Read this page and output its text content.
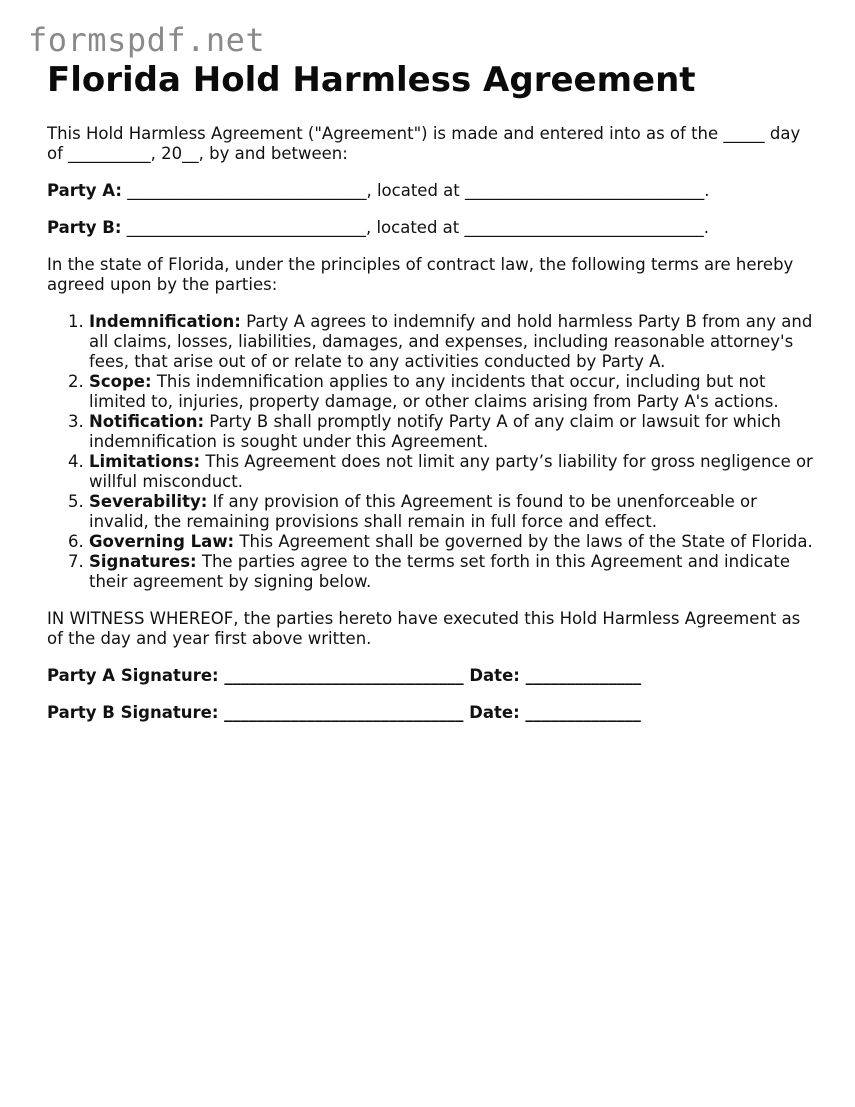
formspdf.net
Florida Hold Harmless Agreement

This Hold Harmless Agreement ("Agreement") is made and entered into as of the _____ day of __________, 20__, by and between:

Party A: _____________________________, located at _____________________________.

Party B: _____________________________, located at _____________________________.

In the state of Florida, under the principles of contract law, the following terms are hereby agreed upon by the parties:

1. Indemnification: Party A agrees to indemnify and hold harmless Party B from any and all claims, losses, liabilities, damages, and expenses, including reasonable attorney's fees, that arise out of or relate to any activities conducted by Party A.
2. Scope: This indemnification applies to any incidents that occur, including but not limited to, injuries, property damage, or other claims arising from Party A's actions.
3. Notification: Party B shall promptly notify Party A of any claim or lawsuit for which indemnification is sought under this Agreement.
4. Limitations: This Agreement does not limit any party’s liability for gross negligence or willful misconduct.
5. Severability: If any provision of this Agreement is found to be unenforceable or invalid, the remaining provisions shall remain in full force and effect.
6. Governing Law: This Agreement shall be governed by the laws of the State of Florida.
7. Signatures: The parties agree to the terms set forth in this Agreement and indicate their agreement by signing below.

IN WITNESS WHEREOF, the parties hereto have executed this Hold Harmless Agreement as of the day and year first above written.

Party A Signature: _____________________________ Date: ______________

Party B Signature: _____________________________ Date: ______________
